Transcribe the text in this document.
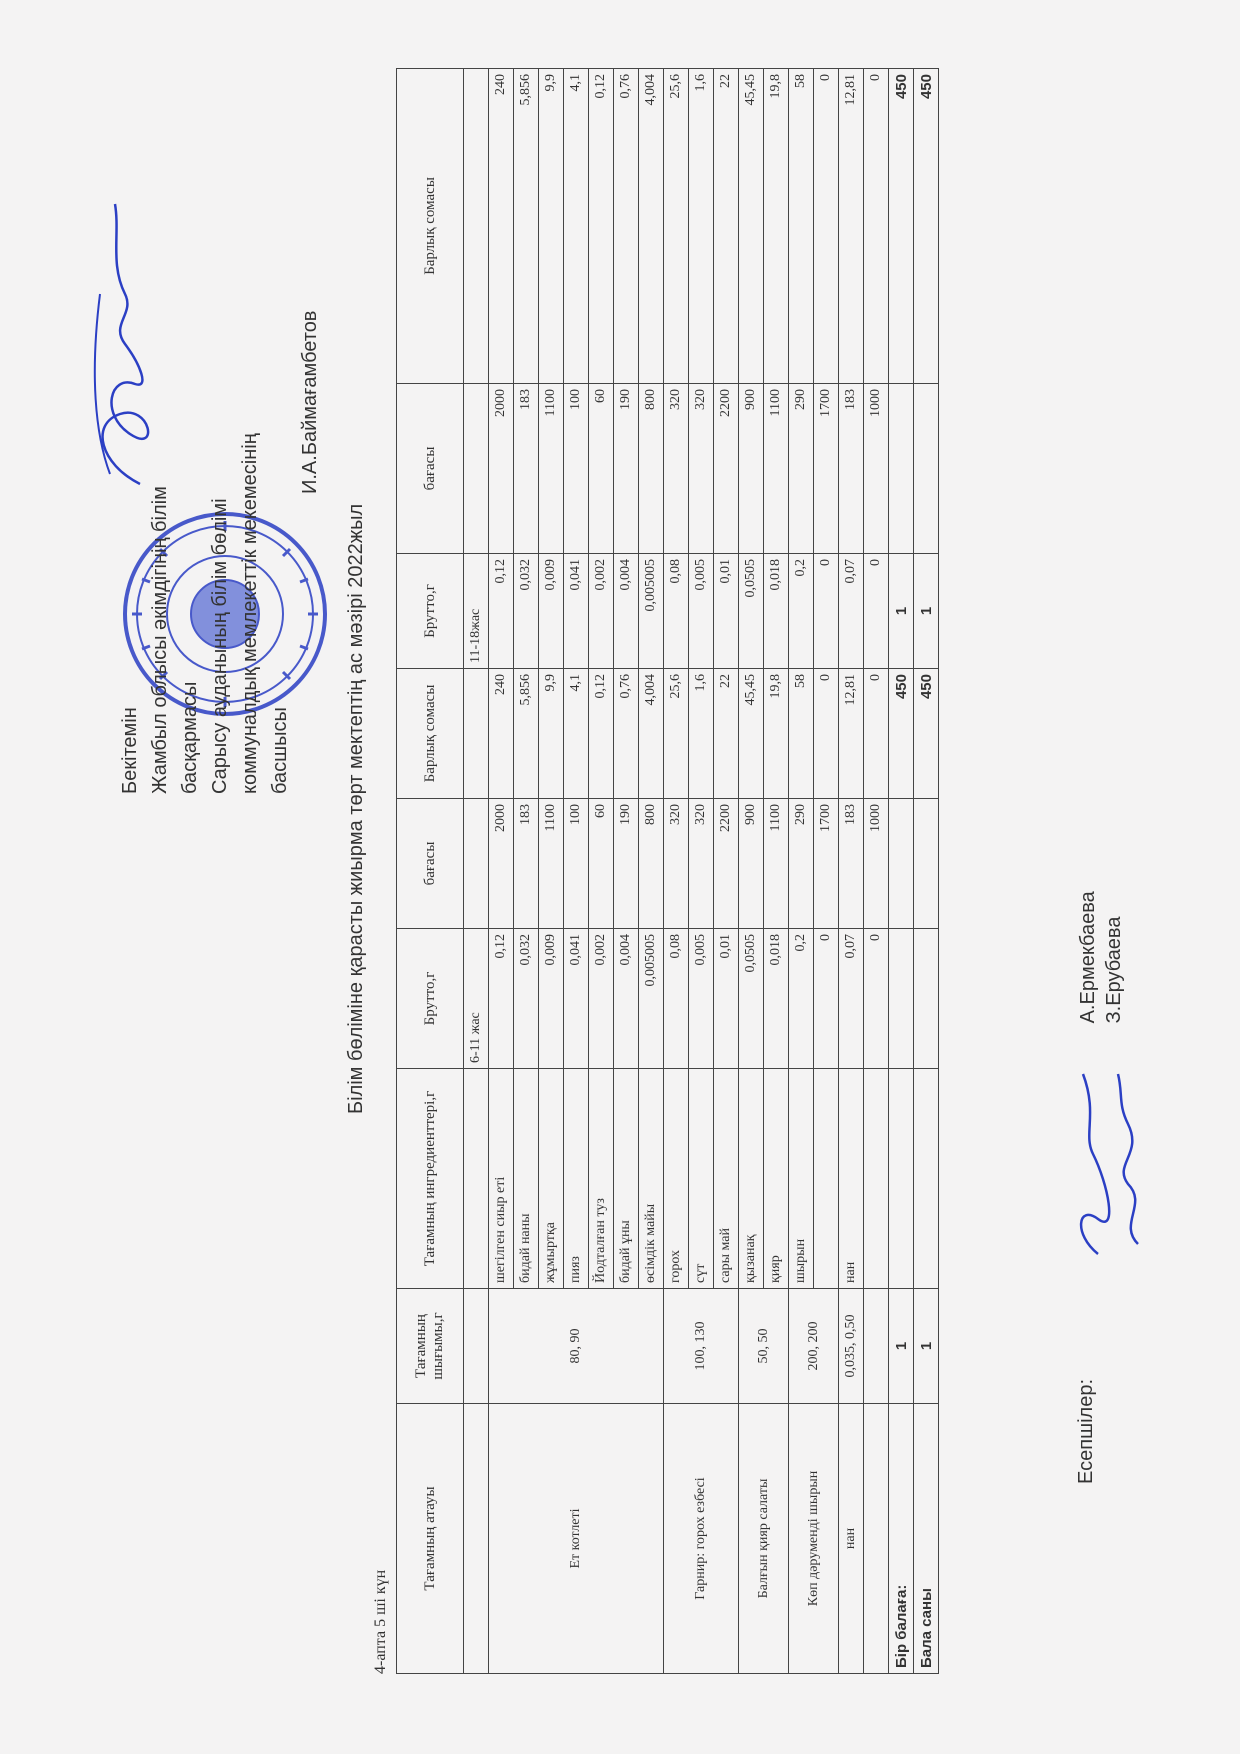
Бекітемін Жамбыл облысы әкімдігінің білім басқармасы Сарысу ауданының білім бөлімі коммуналдық мемлекеттік мекемесінің басшысы
И.А.Баймағамбетов
Білім бөліміне қарасты жиырма төрт мектептің ас мәзірі 2022жыл
4-апта 5 ші күн
Тағамның атауы	Тағамның шығымы,г	Тағамның ингредиенттері,г	Брутто,г	бағасы	Барлық сомасы	Брутто,г	бағасы	Барлық сомасы
			6-11 жас			11-18жас		
Ет котлеті	80, 90	шегілген сиыр еті	0,12	2000	240	0,12	2000	240
		бидай наны	0,032	183	5,856	0,032	183	5,856
		жұмыртқа	0,009	1100	9,9	0,009	1100	9,9
		пияз	0,041	100	4,1	0,041	100	4,1
		Йодталған туз	0,002	60	0,12	0,002	60	0,12
		бидай ұны	0,004	190	0,76	0,004	190	0,76
		өсімдік майы	0,005005	800	4,004	0,005005	800	4,004
Гарнир: горох езбесі	100, 130	горох	0,08	320	25,6	0,08	320	25,6
		сүт	0,005	320	1,6	0,005	320	1,6
		сары май	0,01	2200	22	0,01	2200	22
Балғын қияр салаты	50, 50	қызанақ	0,0505	900	45,45	0,0505	900	45,45
		қияр	0,018	1100	19,8	0,018	1100	19,8
Көп дәруменді шырын	200, 200	шырын	0,2	290	58	0,2	290	58
			0	1700	0	0	1700	0
нан	0,035, 0,50	нан	0,07	183	12,81	0,07	183	12,81
			0	1000	0	0	1000	0
Бір балаға:	1				450	1		450
Бала саны	1				450	1		450
Есепшілер: А.Ермекбаева З.Ерубаева
